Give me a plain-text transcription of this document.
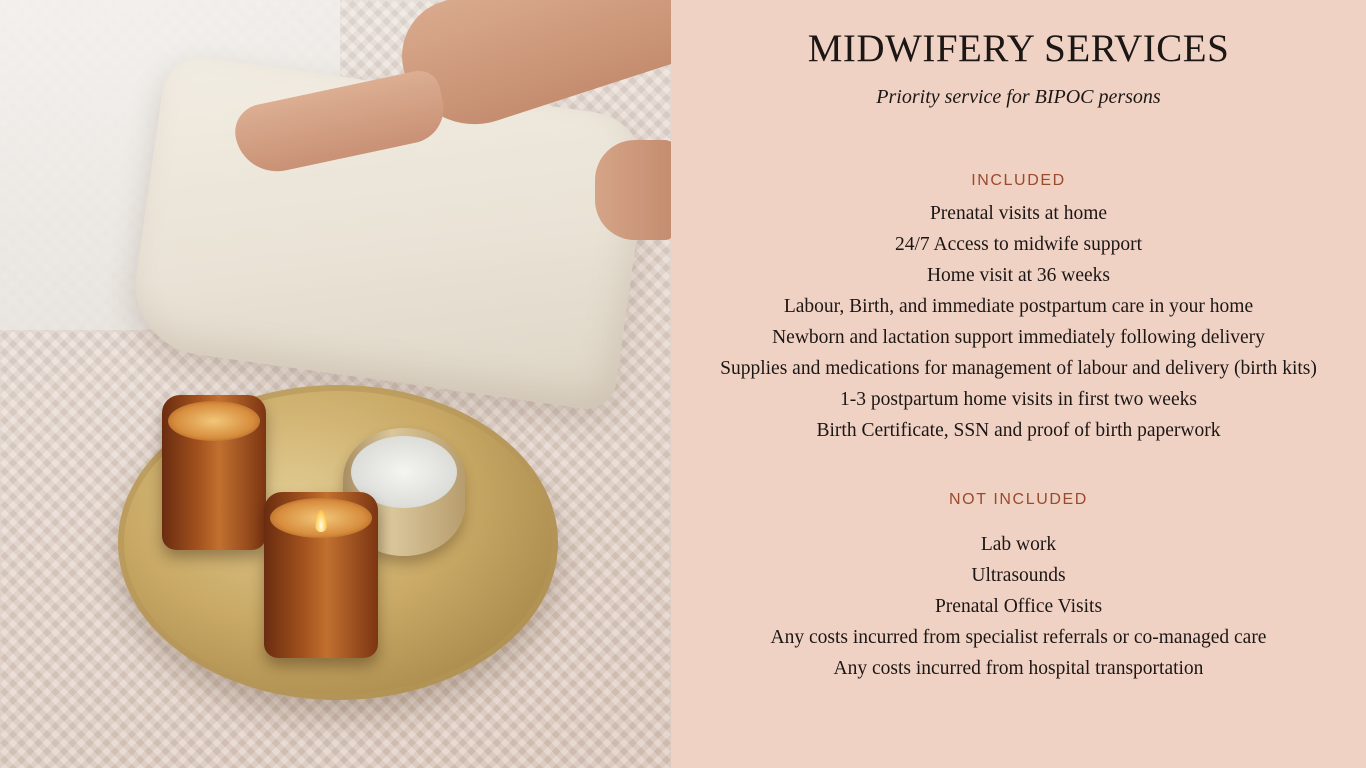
MIDWIFERY SERVICES
Priority service for BIPOC persons
INCLUDED
Prenatal visits at home
24/7 Access to midwife support
Home visit at 36 weeks
Labour, Birth, and immediate postpartum care in your home
Newborn and lactation support immediately following delivery
Supplies and medications for management of labour and delivery (birth kits)
1-3 postpartum home visits in first two weeks
Birth Certificate, SSN and proof of birth paperwork
NOT INCLUDED
Lab work
Ultrasounds
Prenatal Office Visits
Any costs incurred from specialist referrals or co-managed care
Any costs incurred from hospital transportation
